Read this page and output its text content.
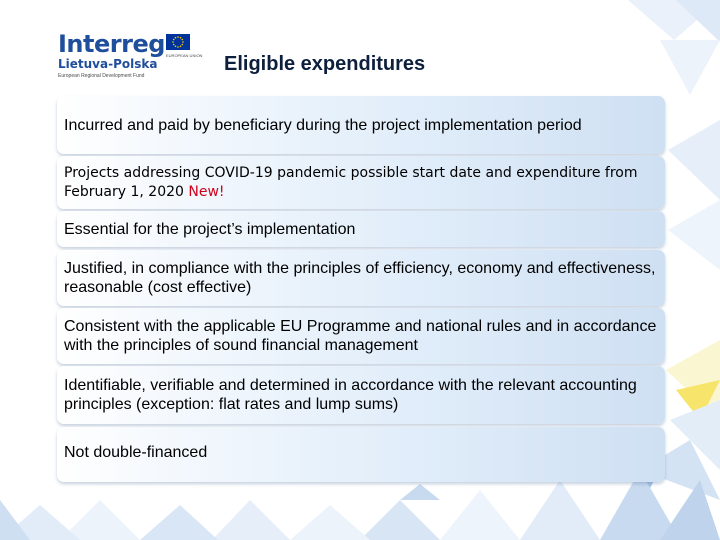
Interreg
Lietuva-Polska
European Regional Development Fund
EUROPEAN UNION Eligible expenditures
Incurred and paid by beneficiary during the project implementation period
Projects addressing COVID-19 pandemic possible start date and expenditure from February 1, 2020 New!
Essential for the project’s implementation
Justified, in compliance with the principles of efficiency, economy and effectiveness, reasonable (cost effective)
Consistent with the applicable EU Programme and national rules and in accordance with the principles of sound financial management
Identifiable, verifiable and determined in accordance with the relevant accounting principles (exception: flat rates and lump sums)
Not double-financed
